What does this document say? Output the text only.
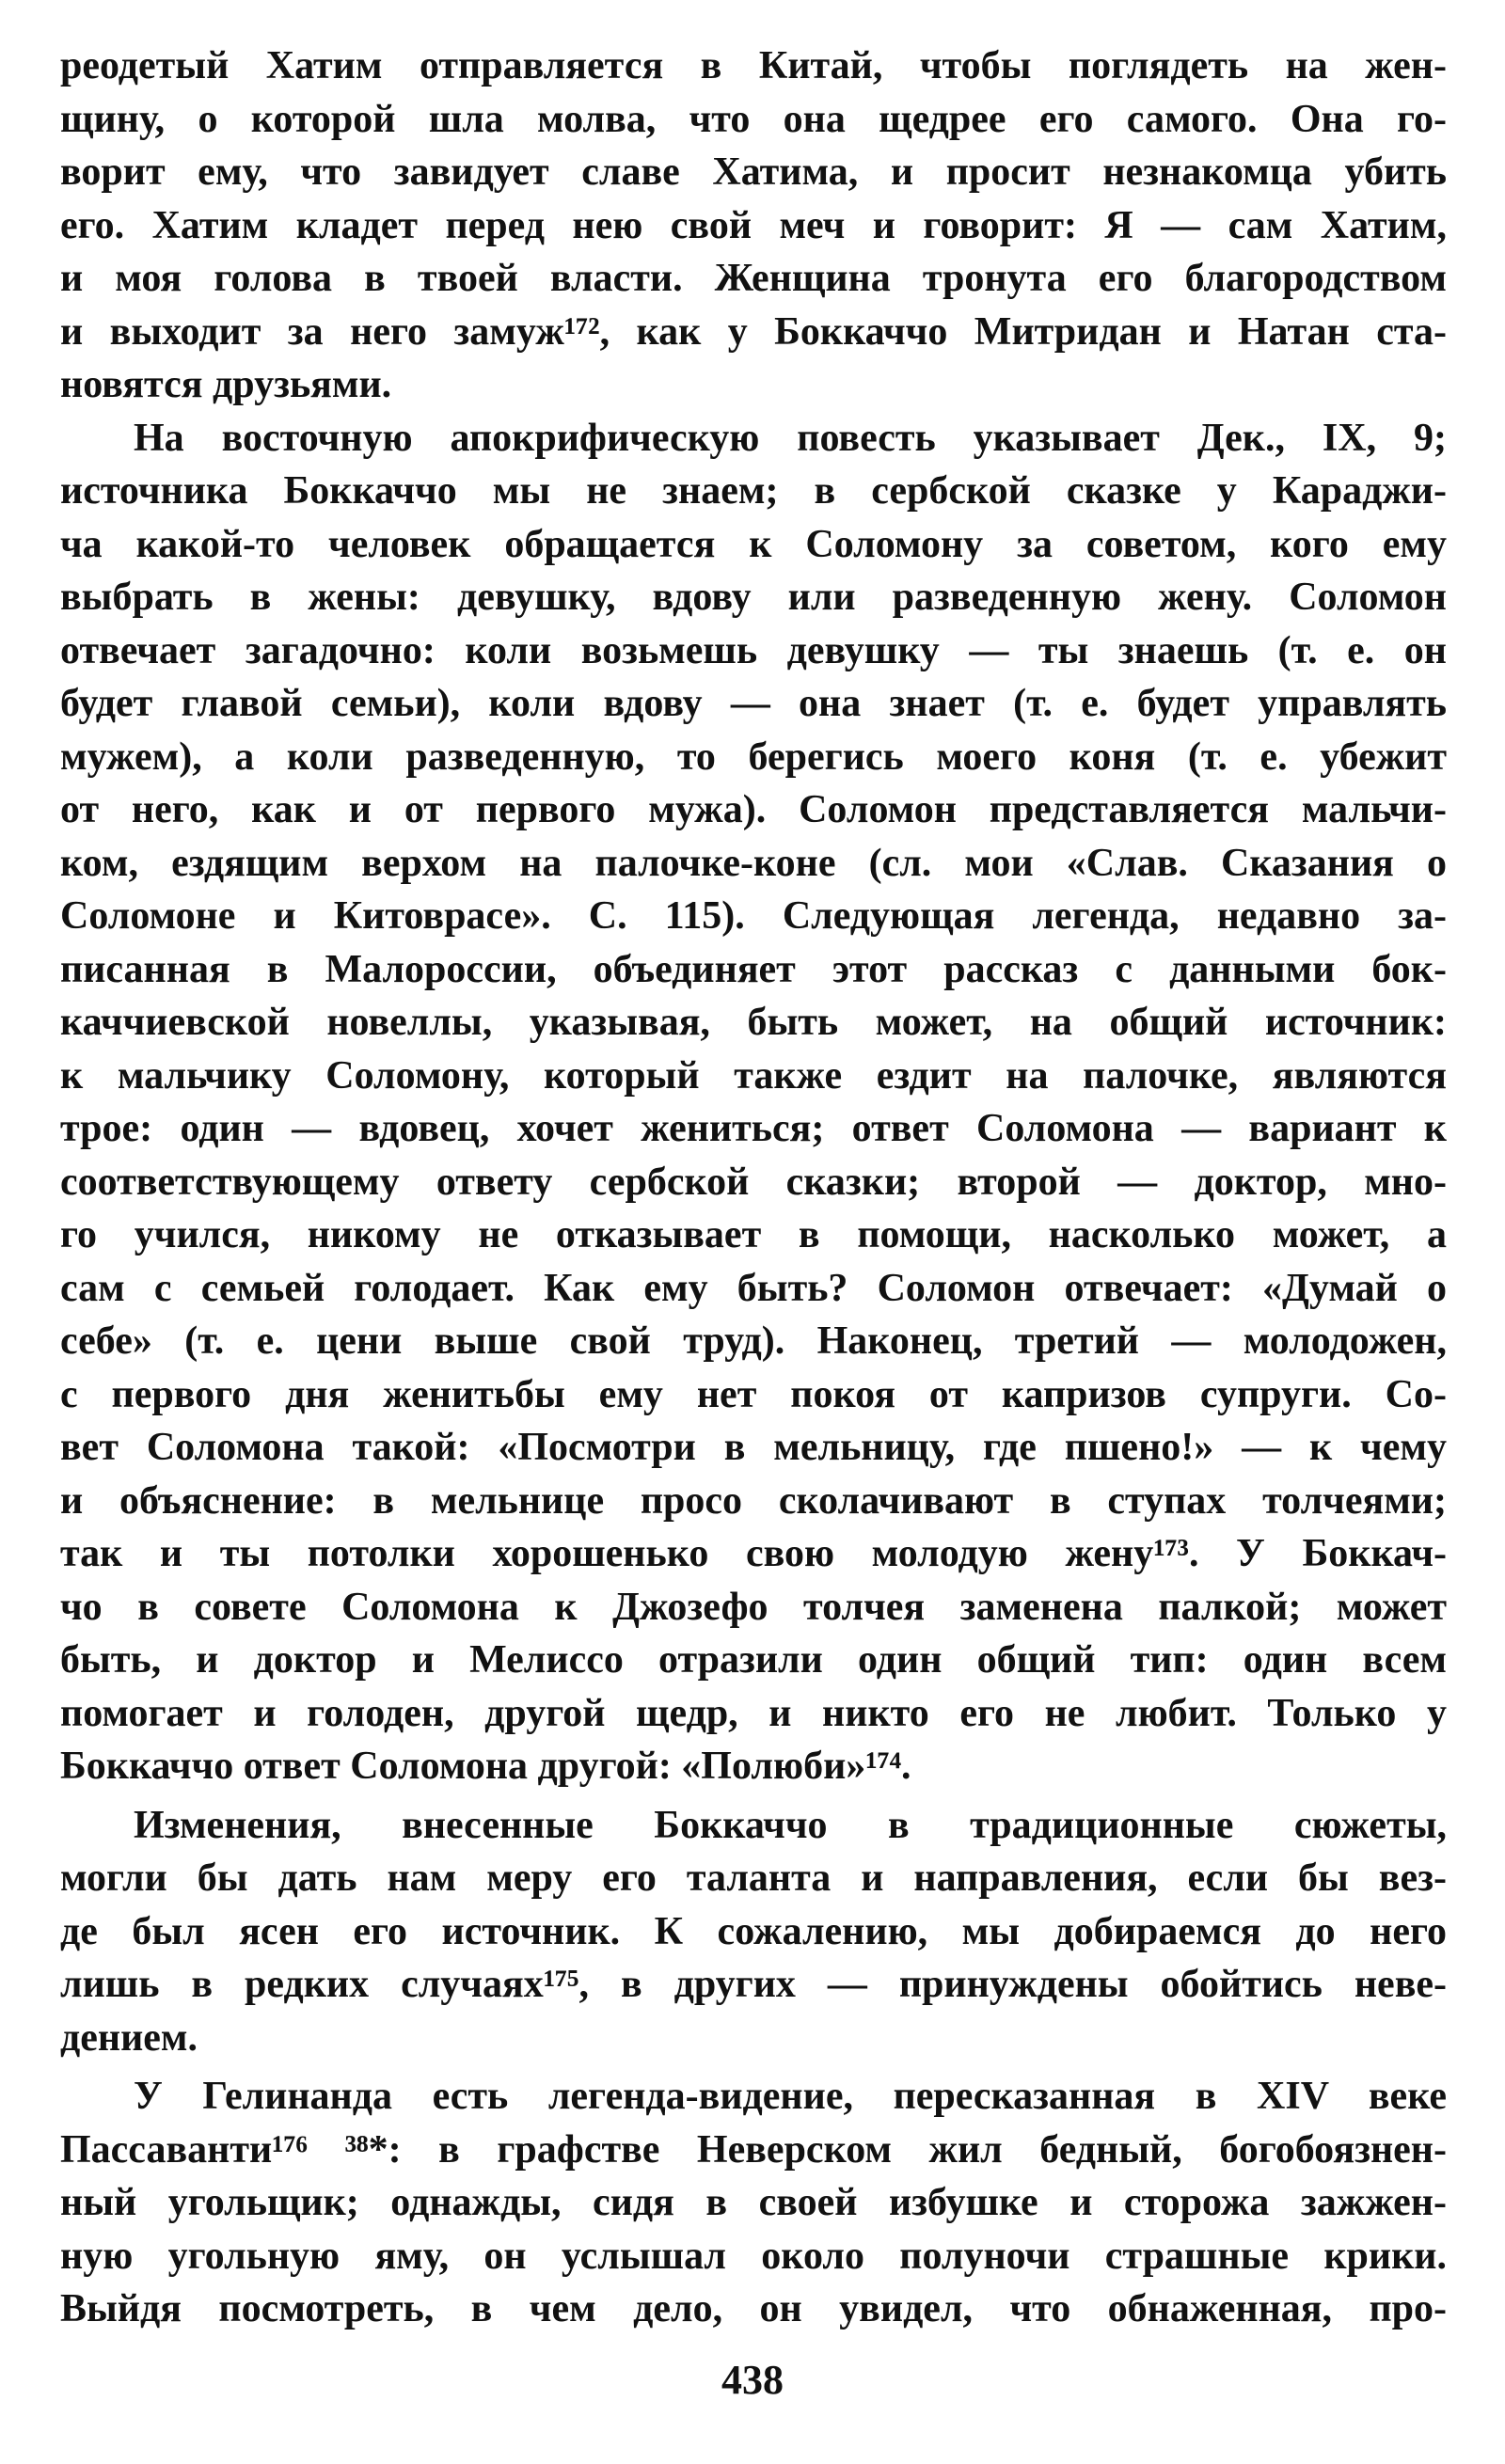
реодетый Хатим отправляется в Китай, чтобы поглядеть на жен-
щину, о которой шла молва, что она щедрее его самого. Она го-
ворит ему, что завидует славе Хатима, и просит незнакомца убить
его. Хатим кладет перед нею свой меч и говорит: Я — сам Хатим,
и моя голова в твоей власти. Женщина тронута его благородством
и выходит за него замуж¹⁷², как у Боккаччо Митридан и Натан ста-
новятся друзьями.
На восточную апокрифическую повесть указывает Дек., IX, 9;
источника Боккаччо мы не знаем; в сербской сказке у Караджи-
ча какой-то человек обращается к Соломону за советом, кого ему
выбрать в жены: девушку, вдову или разведенную жену. Соломон
отвечает загадочно: коли возьмешь девушку — ты знаешь (т. е. он
будет главой семьи), коли вдову — она знает (т. е. будет управлять
мужем), а коли разведенную, то берегись моего коня (т. е. убежит
от него, как и от первого мужа). Соломон представляется мальчи-
ком, ездящим верхом на палочке-коне (сл. мои «Слав. Сказания о
Соломоне и Китоврасе». С. 115). Следующая легенда, недавно за-
писанная в Малороссии, объединяет этот рассказ с данными бок-
каччиевской новеллы, указывая, быть может, на общий источник:
к мальчику Соломону, который также ездит на палочке, являются
трое: один — вдовец, хочет жениться; ответ Соломона — вариант к
соответствующему ответу сербской сказки; второй — доктор, мно-
го учился, никому не отказывает в помощи, насколько может, а
сам с семьей голодает. Как ему быть? Соломон отвечает: «Думай о
себе» (т. е. цени выше свой труд). Наконец, третий — молодожен,
с первого дня женитьбы ему нет покоя от капризов супруги. Со-
вет Соломона такой: «Посмотри в мельницу, где пшено!» — к чему
и объяснение: в мельнице просо сколачивают в ступах толчеями;
так и ты потолки хорошенько свою молодую жену¹⁷³. У Боккач-
чо в совете Соломона к Джозефо толчея заменена палкой; может
быть, и доктор и Мелиссо отразили один общий тип: один всем
помогает и голоден, другой щедр, и никто его не любит. Только у
Боккаччо ответ Соломона другой: «Полюби»¹⁷⁴.
Изменения, внесенные Боккаччо в традиционные сюжеты,
могли бы дать нам меру его таланта и направления, если бы вез-
де был ясен его источник. К сожалению, мы добираемся до него
лишь в редких случаях¹⁷⁵, в других — принуждены обойтись неве-
дением.
У Гелинанда есть легенда-видение, пересказанная в XIV веке
Пассаванти¹⁷⁶ ³⁸*: в графстве Неверском жил бедный, богобоязнен-
ный угольщик; однажды, сидя в своей избушке и сторожа зажжен-
ную угольную яму, он услышал около полуночи страшные крики.
Выйдя посмотреть, в чем дело, он увидел, что обнаженная, про-
438
